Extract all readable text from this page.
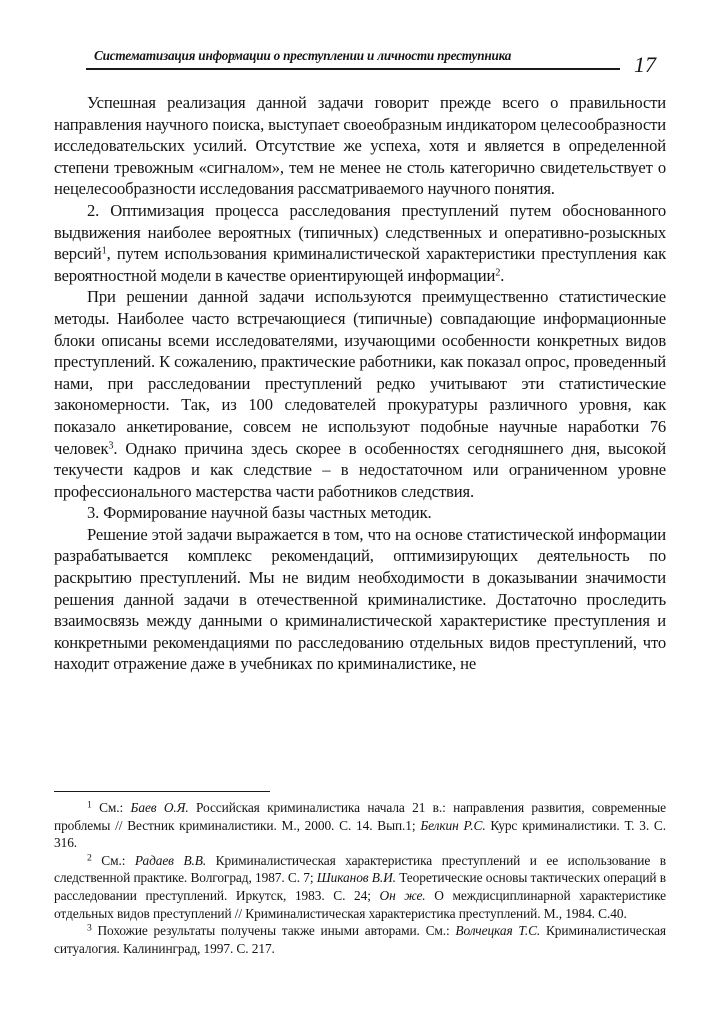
Систематизация информации о преступлении и личности преступника	17

Успешная реализация данной задачи говорит прежде всего о правильности направления научного поиска, выступает своеобразным индикатором целесообразности исследовательских усилий. Отсутствие же успеха, хотя и является в определенной степени тревожным «сигналом», тем не менее не столь категорично свидетельствует о нецелесообразности исследования рассматриваемого научного понятия.

2. Оптимизация процесса расследования преступлений путем обоснованного выдвижения наиболее вероятных (типичных) следственных и оперативно-розыскных версий$^1$, путем использования криминалистической характеристики преступления как вероятностной модели в качестве ориентирующей информации$^2$.

При решении данной задачи используются преимущественно статистические методы. Наиболее часто встречающиеся (типичные) совпадающие информационные блоки описаны всеми исследователями, изучающими особенности конкретных видов преступлений. К сожалению, практические работники, как показал опрос, проведенный нами, при расследовании преступлений редко учитывают эти статистические закономерности. Так, из 100 следователей прокуратуры различного уровня, как показало анкетирование, совсем не используют подобные научные наработки 76 человек$^3$. Однако причина здесь скорее в особенностях сегодняшнего дня, высокой текучести кадров и как следствие – в недостаточном или ограниченном уровне профессионального мастерства части работников следствия.

3. Формирование научной базы частных методик.

Решение этой задачи выражается в том, что на основе статистической информации разрабатывается комплекс рекомендаций, оптимизирующих деятельность по раскрытию преступлений. Мы не видим необходимости в доказывании значимости решения данной задачи в отечественной криминалистике. Достаточно проследить взаимосвязь между данными о криминалистической характеристике преступления и конкретными рекомендациями по расследованию отдельных видов преступлений, что находит отражение даже в учебниках по криминалистике, не

$^1$ См.: Баев О.Я. Российская криминалистика начала 21 в.: направления развития, современные проблемы // Вестник криминалистики. М., 2000. С. 14. Вып.1; Белкин Р.С. Курс криминалистики. Т. 3. С. 316.

$^2$ См.: Радаев В.В. Криминалистическая характеристика преступлений и ее использование в следственной практике. Волгоград, 1987. С. 7; Шиканов В.И. Теоретические основы тактических операций в расследовании преступлений. Иркутск, 1983. С. 24; Он же. О междисциплинарной характеристике отдельных видов преступлений // Криминалистическая характеристика преступлений. М., 1984. С.40.

$^3$ Похожие результаты получены также иными авторами. См.: Волчецкая Т.С. Криминалистическая ситуалогия. Калининград, 1997. С. 217.
